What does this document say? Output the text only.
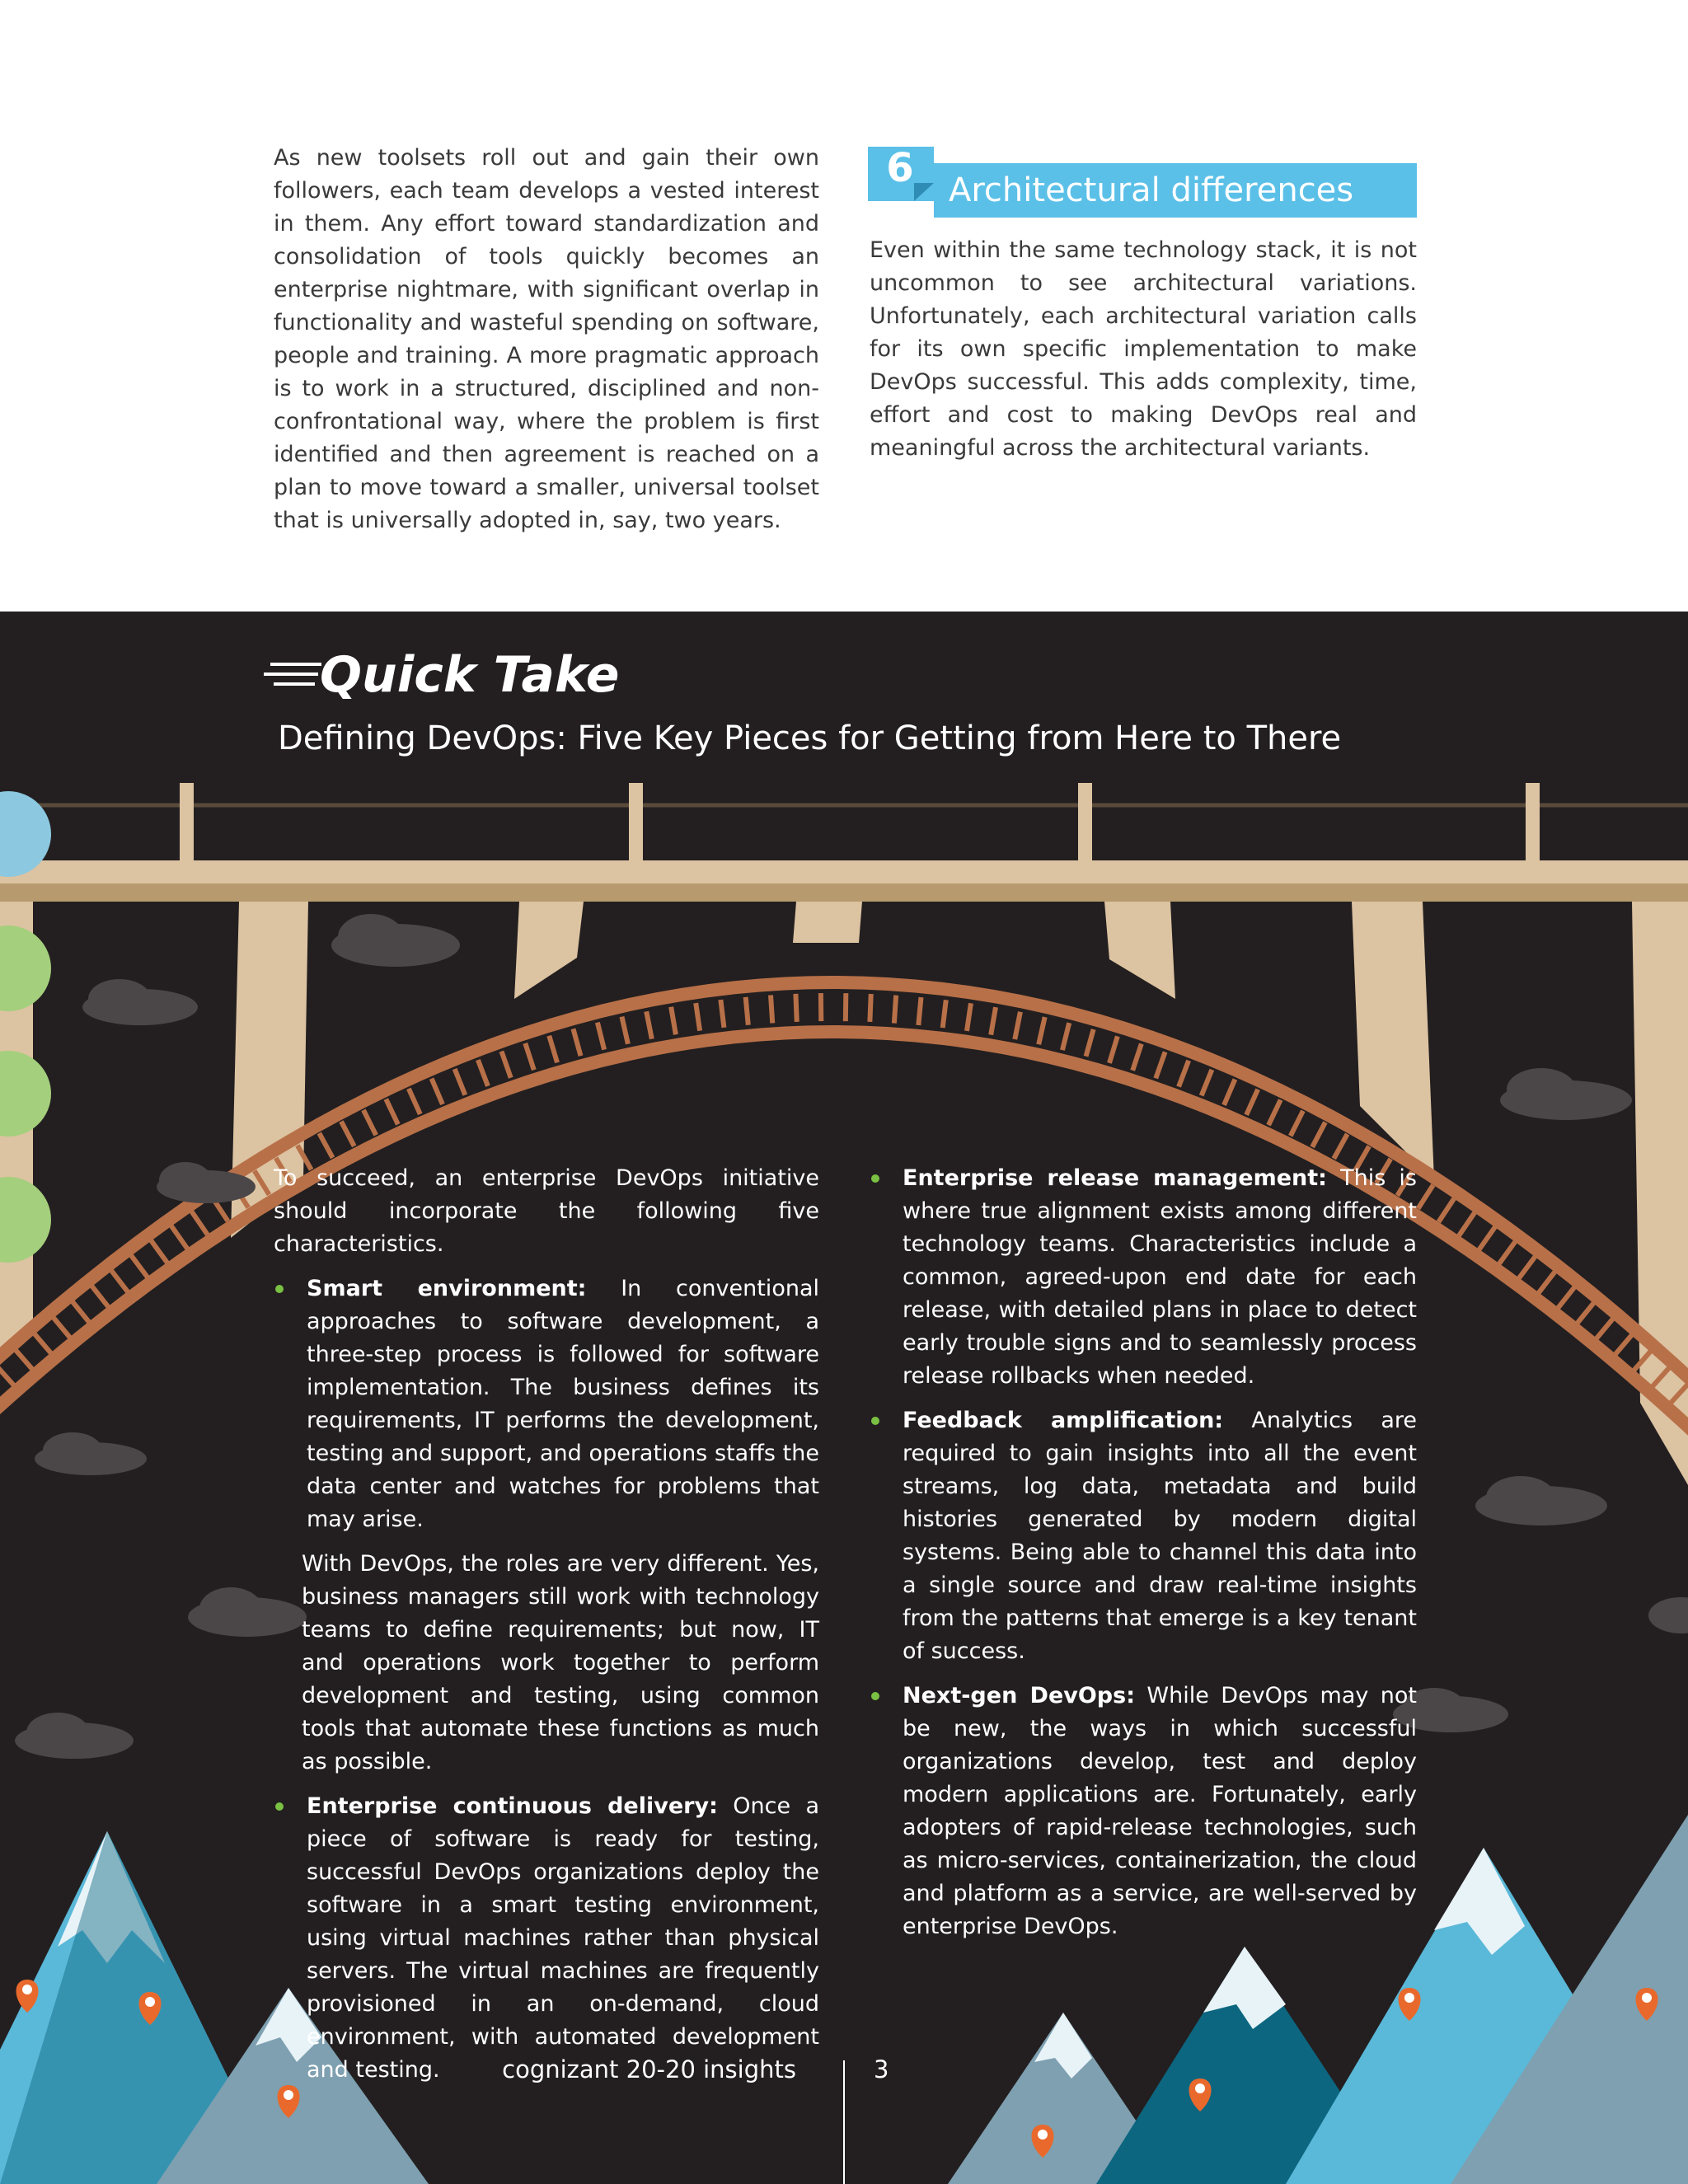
As new toolsets roll out and gain their own followers, each team develops a vested interest in them. Any effort toward standardization and consolidation of tools quickly becomes an enterprise nightmare, with significant overlap in functionality and wasteful spending on software, people and training. A more pragmatic approach is to work in a structured, disciplined and non-confrontational way, where the problem is first identified and then agreement is reached on a plan to move toward a smaller, universal toolset that is universally adopted in, say, two years.
6	Architectural differences
Even within the same technology stack, it is not uncommon to see architectural variations. Unfortunately, each architectural variation calls for its own specific implementation to make DevOps successful. This adds complexity, time, effort and cost to making DevOps real and meaningful across the architectural variants.
Quick Take
Defining DevOps: Five Key Pieces for Getting from Here to There

To succeed, an enterprise DevOps initiative should incorporate the following five characteristics.

Smart environment: In conventional approaches to software development, a three-step process is followed for software implementation. The business defines its requirements, IT performs the development, testing and support, and operations staffs the data center and watches for problems that may arise.

With DevOps, the roles are very different. Yes, business managers still work with technology teams to define requirements; but now, IT and operations work together to perform development and testing, using common tools that automate these functions as much as possible.

Enterprise continuous delivery: Once a piece of software is ready for testing, successful DevOps organizations deploy the software in a smart testing environment, using virtual machines rather than physical servers. The virtual machines are frequently provisioned in an on-demand, cloud environment, with automated development and testing.

Enterprise release management: This is where true alignment exists among different technology teams. Characteristics include a common, agreed-upon end date for each release, with detailed plans in place to detect early trouble signs and to seamlessly process release rollbacks when needed.

Feedback amplification: Analytics are required to gain insights into all the event streams, log data, metadata and build histories generated by modern digital systems. Being able to channel this data into a single source and draw real-time insights from the patterns that emerge is a key tenant of success.

Next-gen DevOps: While DevOps may not be new, the ways in which successful organizations develop, test and deploy modern applications are. Fortunately, early adopters of rapid-release technologies, such as micro-services, containerization, the cloud and platform as a service, are well-served by enterprise DevOps.

cognizant 20-20 insights	3
